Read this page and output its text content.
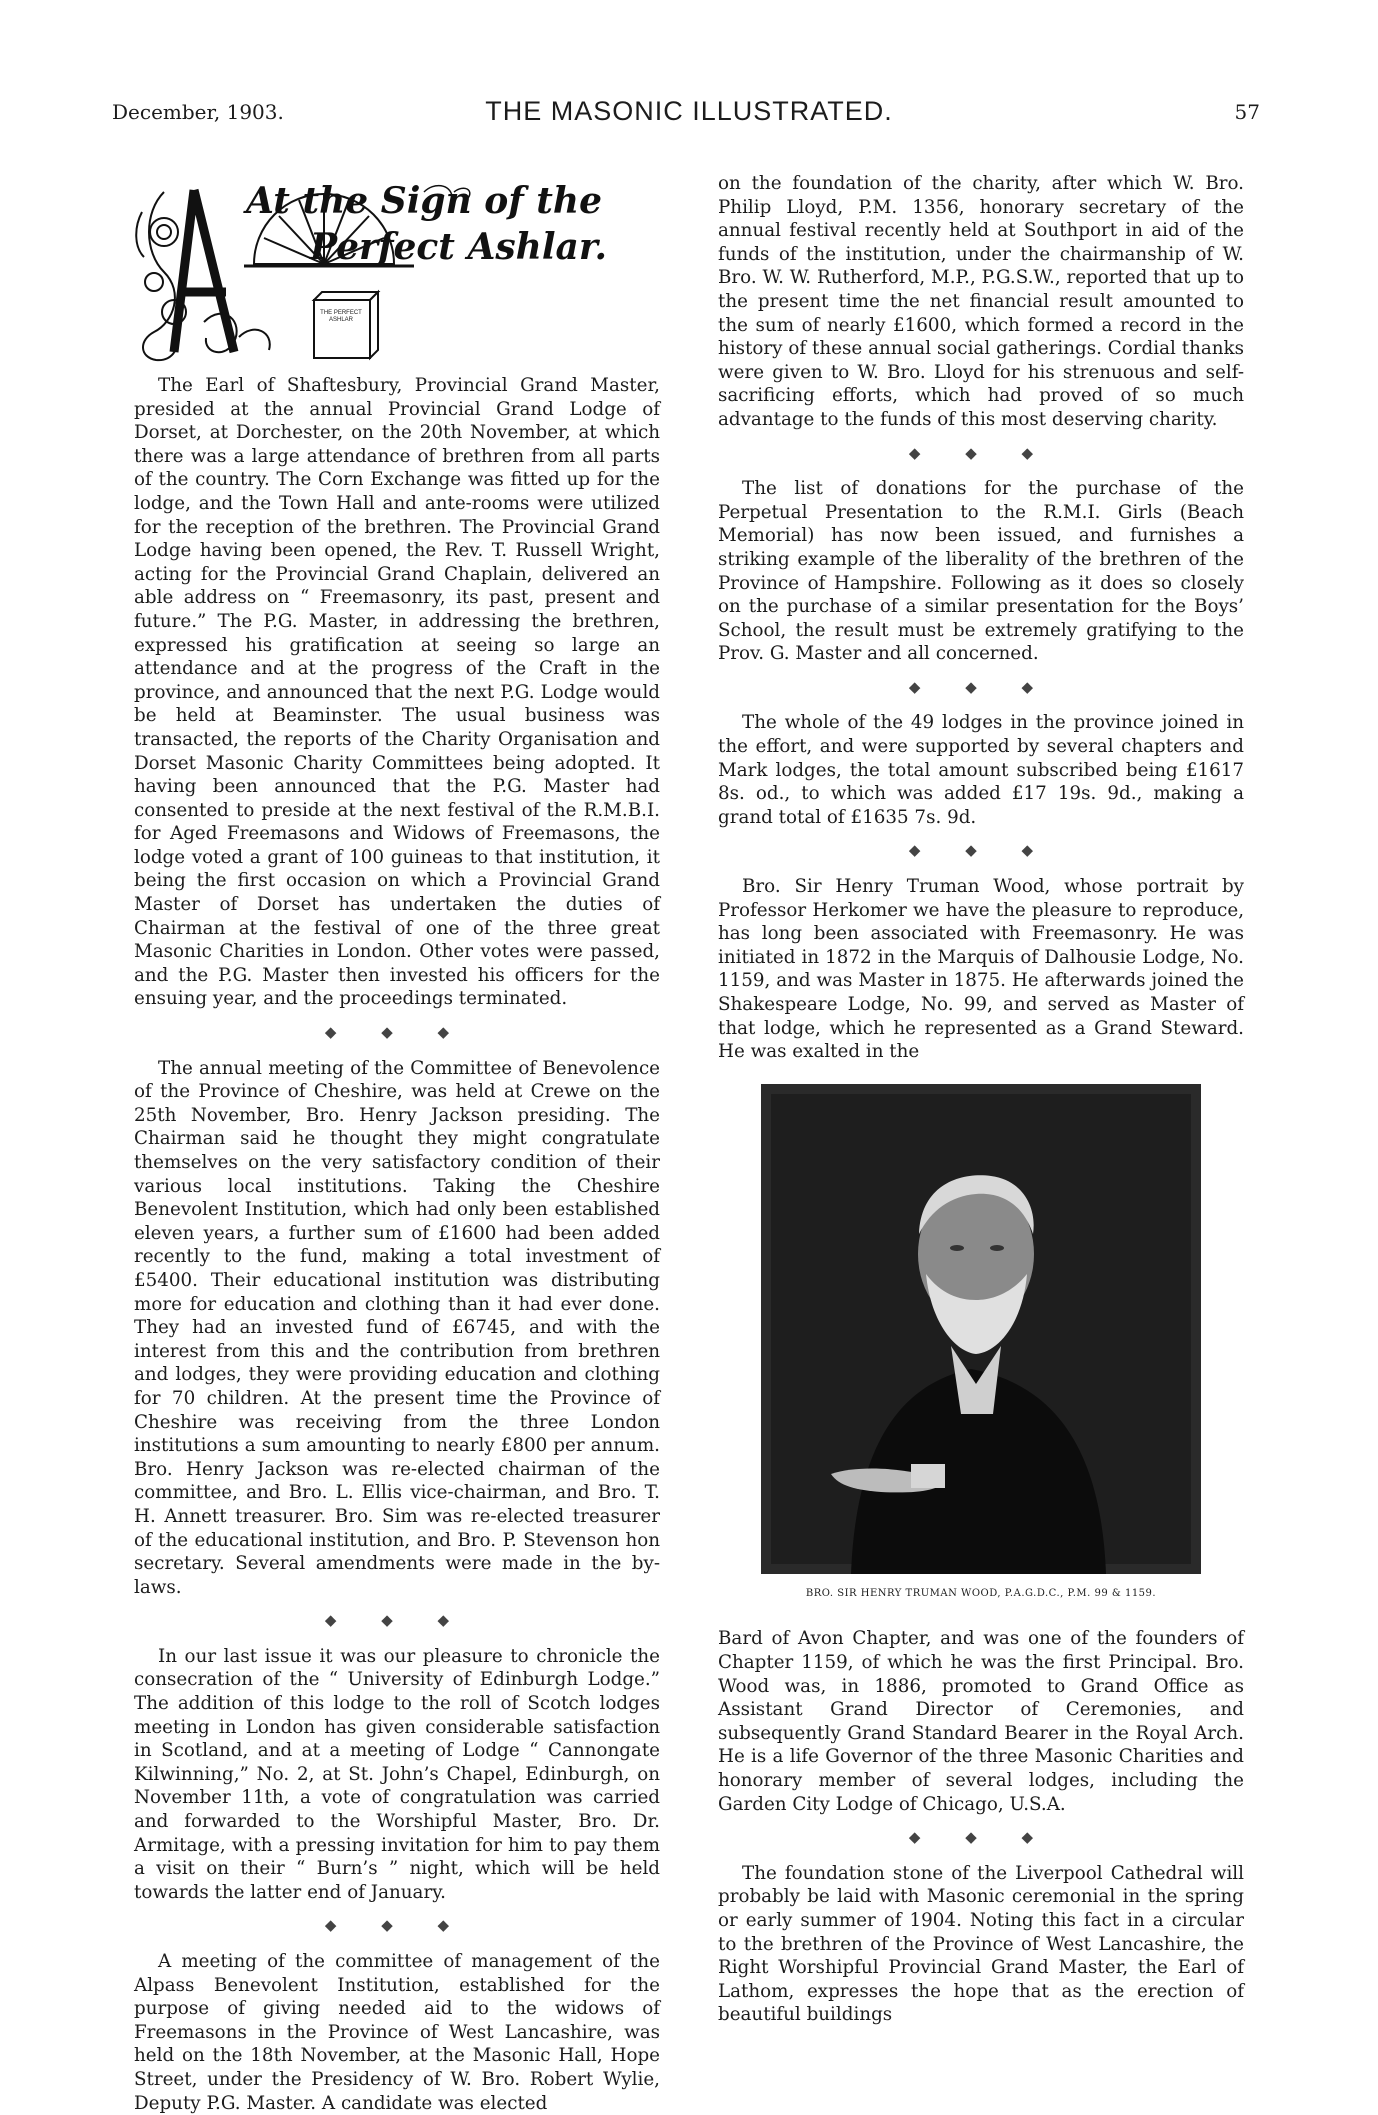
December, 1903.	THE MASONIC ILLUSTRATED.	57
At the Sign of the
Perfect Ashlar.
THE PERFECT ASHLAR

The Earl of Shaftesbury, Provincial Grand Master, presided at the annual Provincial Grand Lodge of Dorset, at Dorchester, on the 20th November, at which there was a large attendance of brethren from all parts of the country. The Corn Exchange was fitted up for the lodge, and the Town Hall and ante-rooms were utilized for the reception of the brethren. The Provincial Grand Lodge having been opened, the Rev. T. Russell Wright, acting for the Provincial Grand Chaplain, delivered an able address on “ Freemasonry, its past, present and future.” The P.G. Master, in addressing the brethren, expressed his gratification at seeing so large an attendance and at the progress of the Craft in the province, and announced that the next P.G. Lodge would be held at Beaminster. The usual business was transacted, the reports of the Charity Organisation and Dorset Masonic Charity Committees being adopted. It having been announced that the P.G. Master had consented to preside at the next festival of the R.M.B.I. for Aged Freemasons and Widows of Freemasons, the lodge voted a grant of 100 guineas to that institution, it being the first occasion on which a Provincial Grand Master of Dorset has undertaken the duties of Chairman at the festival of one of the three great Masonic Charities in London. Other votes were passed, and the P.G. Master then invested his officers for the ensuing year, and the proceedings terminated.

◆ ◆ ◆

The annual meeting of the Committee of Benevolence of the Province of Cheshire, was held at Crewe on the 25th November, Bro. Henry Jackson presiding. The Chairman said he thought they might congratulate themselves on the very satisfactory condition of their various local institutions. Taking the Cheshire Benevolent Institution, which had only been established eleven years, a further sum of £1600 had been added recently to the fund, making a total investment of £5400. Their educational institution was distributing more for education and clothing than it had ever done. They had an invested fund of £6745, and with the interest from this and the contribution from brethren and lodges, they were providing education and clothing for 70 children. At the present time the Province of Cheshire was receiving from the three London institutions a sum amounting to nearly £800 per annum. Bro. Henry Jackson was re-elected chairman of the committee, and Bro. L. Ellis vice-chairman, and Bro. T. H. Annett treasurer. Bro. Sim was re-elected treasurer of the educational institution, and Bro. P. Stevenson hon secretary. Several amendments were made in the by-laws.

◆ ◆ ◆

In our last issue it was our pleasure to chronicle the consecration of the “ University of Edinburgh Lodge.” The addition of this lodge to the roll of Scotch lodges meeting in London has given considerable satisfaction in Scotland, and at a meeting of Lodge “ Cannongate Kilwinning,” No. 2, at St. John’s Chapel, Edinburgh, on November 11th, a vote of congratulation was carried and forwarded to the Worshipful Master, Bro. Dr. Armitage, with a pressing invitation for him to pay them a visit on their “ Burn’s ” night, which will be held towards the latter end of January.

◆ ◆ ◆

A meeting of the committee of management of the Alpass Benevolent Institution, established for the purpose of giving needed aid to the widows of Freemasons in the Province of West Lancashire, was held on the 18th November, at the Masonic Hall, Hope Street, under the Presidency of W. Bro. Robert Wylie, Deputy P.G. Master. A candidate was elected

on the foundation of the charity, after which W. Bro. Philip Lloyd, P.M. 1356, honorary secretary of the annual festival recently held at Southport in aid of the funds of the institution, under the chairmanship of W. Bro. W. W. Rutherford, M.P., P.G.S.W., reported that up to the present time the net financial result amounted to the sum of nearly £1600, which formed a record in the history of these annual social gatherings. Cordial thanks were given to W. Bro. Lloyd for his strenuous and self-sacrificing efforts, which had proved of so much advantage to the funds of this most deserving charity.

◆ ◆ ◆

The list of donations for the purchase of the Perpetual Presentation to the R.M.I. Girls (Beach Memorial) has now been issued, and furnishes a striking example of the liberality of the brethren of the Province of Hampshire. Following as it does so closely on the purchase of a similar presentation for the Boys’ School, the result must be extremely gratifying to the Prov. G. Master and all concerned.

◆ ◆ ◆

The whole of the 49 lodges in the province joined in the effort, and were supported by several chapters and Mark lodges, the total amount subscribed being £1617 8s. od., to which was added £17 19s. 9d., making a grand total of £1635 7s. 9d.

◆ ◆ ◆

Bro. Sir Henry Truman Wood, whose portrait by Professor Herkomer we have the pleasure to reproduce, has long been associated with Freemasonry. He was initiated in 1872 in the Marquis of Dalhousie Lodge, No. 1159, and was Master in 1875. He afterwards joined the Shakespeare Lodge, No. 99, and served as Master of that lodge, which he represented as a Grand Steward. He was exalted in the

BRO. SIR HENRY TRUMAN WOOD, P.A.G.D.C., P.M. 99 & 1159.

Bard of Avon Chapter, and was one of the founders of Chapter 1159, of which he was the first Principal. Bro. Wood was, in 1886, promoted to Grand Office as Assistant Grand Director of Ceremonies, and subsequently Grand Standard Bearer in the Royal Arch. He is a life Governor of the three Masonic Charities and honorary member of several lodges, including the Garden City Lodge of Chicago, U.S.A.

◆ ◆ ◆

The foundation stone of the Liverpool Cathedral will probably be laid with Masonic ceremonial in the spring or early summer of 1904. Noting this fact in a circular to the brethren of the Province of West Lancashire, the Right Worshipful Provincial Grand Master, the Earl of Lathom, expresses the hope that as the erection of beautiful buildings
